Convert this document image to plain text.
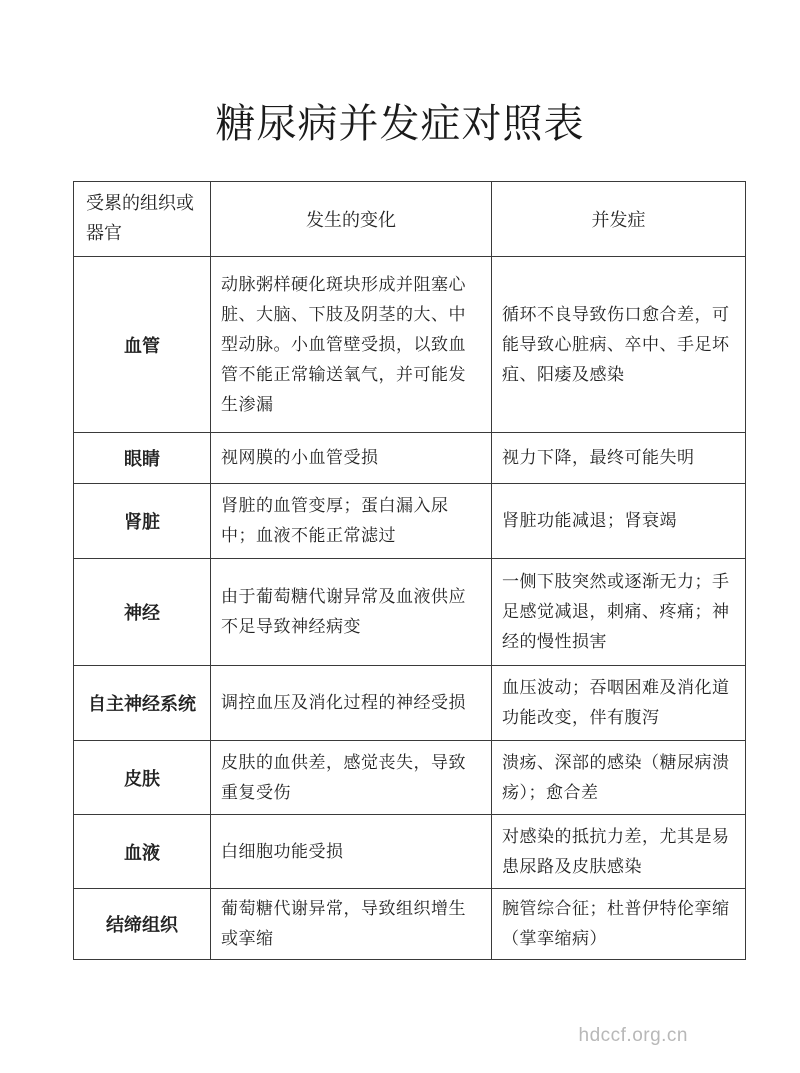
糖尿病并发症对照表
受累的组织或器官	发生的变化	并发症
血管	动脉粥样硬化斑块形成并阻塞心脏、大脑、下肢及阴茎的大、中型动脉。小血管壁受损，以致血管不能正常输送氧气，并可能发生渗漏	循环不良导致伤口愈合差，可能导致心脏病、卒中、手足坏疽、阳痿及感染
眼睛	视网膜的小血管受损	视力下降，最终可能失明
肾脏	肾脏的血管变厚；蛋白漏入尿中；血液不能正常滤过	肾脏功能减退；肾衰竭
神经	由于葡萄糖代谢异常及血液供应不足导致神经病变	一侧下肢突然或逐渐无力；手足感觉减退，刺痛、疼痛；神经的慢性损害
自主神经系统	调控血压及消化过程的神经受损	血压波动；吞咽困难及消化道功能改变，伴有腹泻
皮肤	皮肤的血供差，感觉丧失，导致重复受伤	溃疡、深部的感染（糖尿病溃疡）；愈合差
血液	白细胞功能受损	对感染的抵抗力差，尤其是易患尿路及皮肤感染
结缔组织	葡萄糖代谢异常，导致组织增生或挛缩	腕管综合征；杜普伊特伦挛缩（掌挛缩病）
hdccf.org.cn
